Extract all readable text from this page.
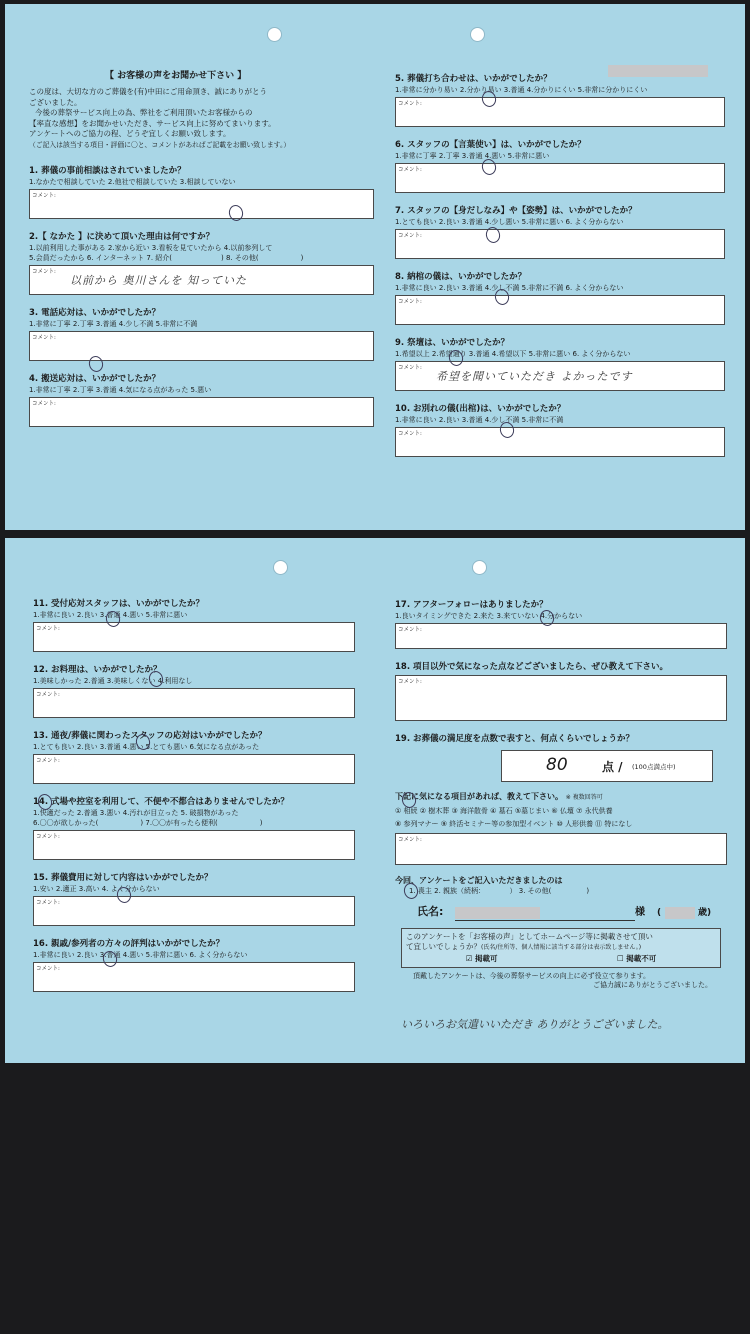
【 お客様の声をお聞かせ下さい 】
この度は、大切な方のご葬儀を(有)中田にご用命頂き、誠にありがとう
ございました。
今後の葬祭サービス向上の為、弊社をご利用頂いたお客様からの
【率直な感想】をお聞かせいただき、サービス向上に努めてまいります。
アンケートへのご協力の程、どうぞ宜しくお願い致します。
（ご記入は該当する項目・評価に〇と、コメントがあればご記載をお願い致します。）
1. 葬儀の事前相談はされていましたか？
1.なかたで相談していた 2.他社で相談していた 3.相談していない
コメント:
2.【 なかた 】に決めて頂いた理由は何ですか？
1.以前利用した事がある 2.家から近い 3.看板を見ていたから 4.以前参列して
5.会員だったから 6. インターネット 7. 紹介(　　　　　　　) 8. その他(　　　　　　)
コメント:
以前から 奥川さんを 知っていた
3. 電話応対は、いかがでしたか？
1.非常に丁寧 2.丁寧 3.普通 4.少し不満 5.非常に不満
コメント:
4. 搬送応対は、いかがでしたか？
1.非常に丁寧 2.丁寧 3.普通 4.気になる点があった 5.悪い
コメント:
5. 葬儀打ち合わせは、いかがでしたか？
1.非常に分かり易い 2.分かり易い 3.普通 4.分かりにくい 5.非常に分かりにくい
コメント:
6. スタッフの【言葉使い】は、いかがでしたか？
1.非常に丁寧 2.丁寧 3.普通 4.悪い 5.非常に悪い
コメント:
7. スタッフの【身だしなみ】や【姿勢】は、いかがでしたか？
1.とても良い 2.良い 3.普通 4.少し悪い 5.非常に悪い 6. よく分からない
コメント:
8. 納棺の儀は、いかがでしたか？
1.非常に良い 2.良い 3.普通 4.少し不満 5.非常に不満 6. よく分からない
コメント:
9. 祭壇は、いかがでしたか？
1.希望以上 2.希望通り 3.普通 4.希望以下 5.非常に悪い 6. よく分からない
コメント:
希望を聞いていただき よかったです
10. お別れの儀(出棺)は、いかがでしたか？
1.非常に良い 2.良い 3.普通 4.少し不満 5.非常に不満
コメント:
11. 受付応対スタッフは、いかがでしたか？
1.非常に良い 2.良い 3.普通 4.悪い 5.非常に悪い
コメント:
12. お料理は、いかがでしたか？
1.美味しかった 2.普通 3.美味しくない 4.利用なし
コメント:
13. 通夜/葬儀に関わったスタッフの応対はいかがでしたか？
1.とても良い 2.良い 3.普通 4.悪い 5.とても悪い 6.気になる点があった
コメント:
14. 式場や控室を利用して、不便や不都合はありませんでしたか？
1.快適だった 2.普通 3.悪い 4.汚れが目立った 5. 破損物があった
6.〇〇が欲しかった(　　　　　　) 7.〇〇が有ったら便利(　　　　　　)
コメント:
15. 葬儀費用に対して内容はいかがでしたか？
1.安い 2.適正 3.高い 4. よく分からない
コメント:
16. 親戚/参列者の方々の評判はいかがでしたか？
1.非常に良い 2.良い 3.普通 4.悪い 5.非常に悪い 6. よく分からない
コメント:
17. アフターフォローはありましたか？
1.良いタイミングできた 2.来た 3.来ていない 4.分からない
コメント:
18. 項目以外で気になった点などございましたら、ぜひ教えて下さい。
コメント:
19. お葬儀の満足度を点数で表すと、何点くらいでしょうか？
80	点 / (100点満点中)
下記に気になる項目があれば、教えて下さい。 ※ 複数回答可
① 相続 ② 樹木葬 ③ 海洋散骨 ④ 墓石 ⑤墓じまい ⑥ 仏壇 ⑦ 永代供養
⑧ 参列マナー ⑨ 終活セミナー等の参加型イベント ⑩ 人形供養 ⑪ 特になし
コメント:
今回、アンケートをご記入いただきましたのは
1. 喪主 2. 親族（続柄：　　　　） 3. その他(　　　　　)
氏名:	様 (	歳)
このアンケートを「お客様の声」としてホームページ等に掲載させて頂い
て宜しいでしょうか？(氏名/住所等、個人情報に該当する部分は表示致しません。)
☑ 掲載可	☐ 掲載不可
頂戴したアンケートは、今後の葬祭サービスの向上に必ず役立て参ります。
ご協力誠にありがとうございました。
いろいろお気遣いいただき ありがとうございました。
